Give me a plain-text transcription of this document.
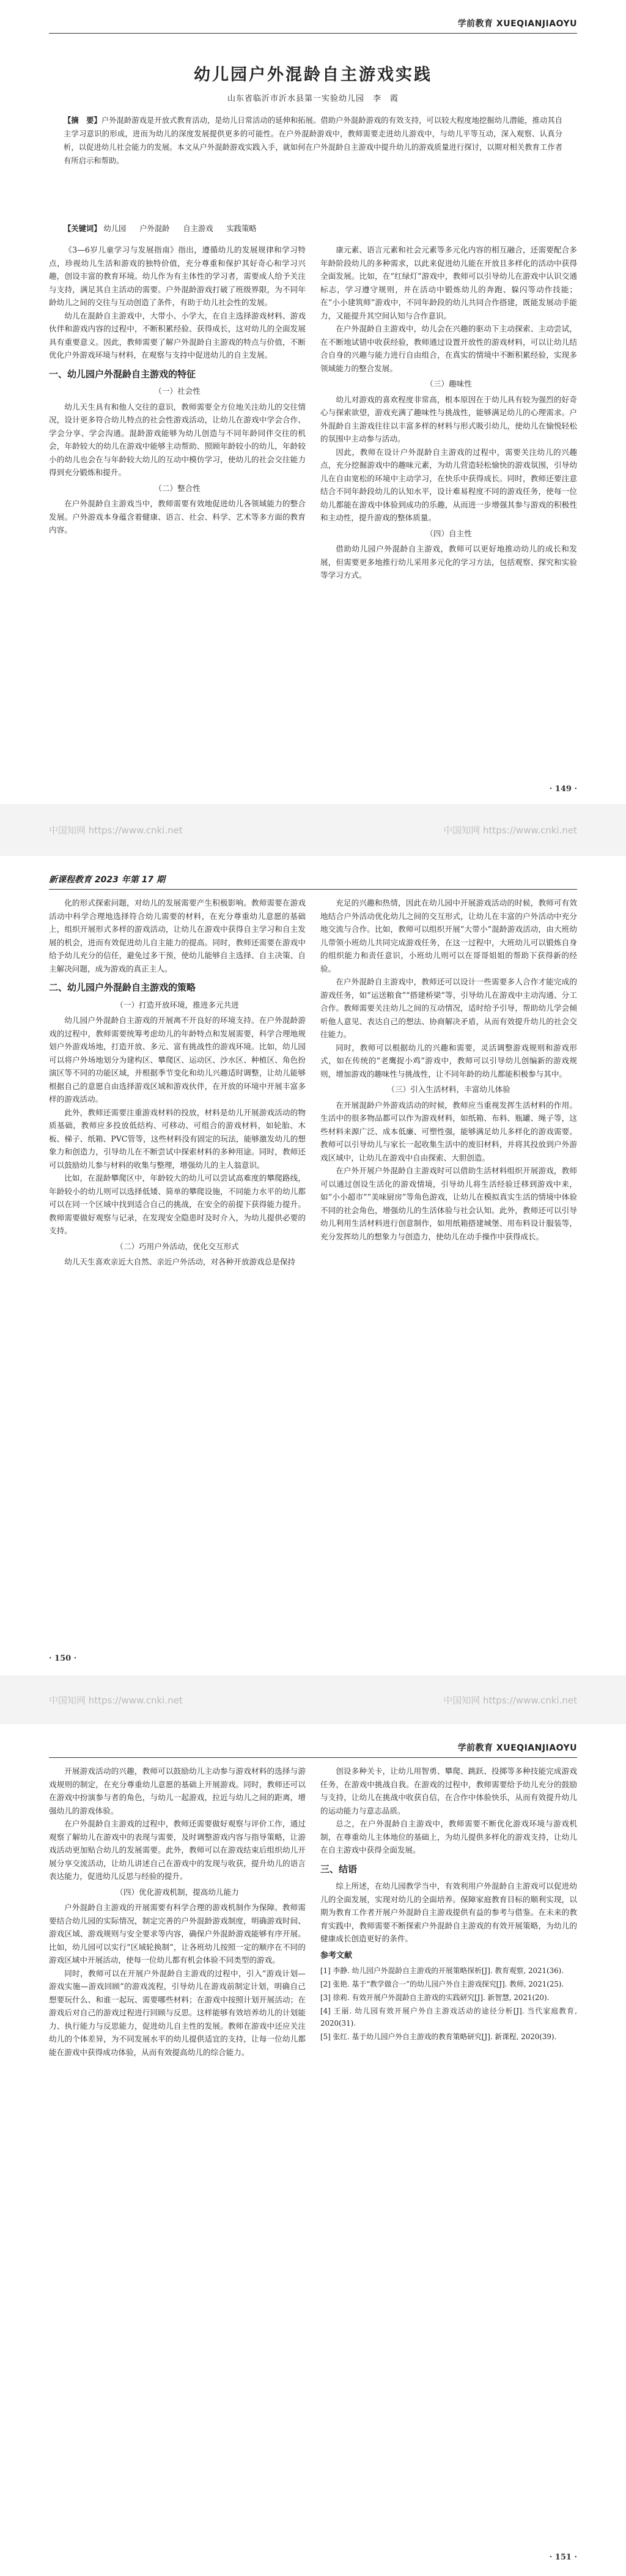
学前教育 XUEQIANJIAOYU
幼儿园户外混龄自主游戏实践
山东省临沂市沂水县第一实验幼儿园　李　霞
【摘　要】户外混龄游戏是开放式教育活动，是幼儿日常活动的延伸和拓展。借助户外混龄游戏的有效支持，可以较大程度地挖掘幼儿潜能，推动其自主学习意识的形成，进而为幼儿的深度发展提供更多的可能性。在户外混龄游戏中，教师需要走进幼儿游戏中，与幼儿平等互动，深入观察、认真分析，以促进幼儿社会能力的发展。本文从户外混龄游戏实践入手，就如何在户外混龄自主游戏中提升幼儿的游戏质量进行探讨，以期对相关教育工作者有所启示和帮助。
【关键词】 幼儿园 户外混龄 自主游戏 实践策略

《3—6岁儿童学习与发展指南》指出，遵循幼儿的发展规律和学习特点，珍视幼儿生活和游戏的独特价值，充分尊重和保护其好奇心和学习兴趣，创设丰富的教育环境。幼儿作为有主体性的学习者，需要成人给予关注与支持，满足其自主活动的需要。户外混龄游戏打破了班级界限，为不同年龄幼儿之间的交往与互动创造了条件，有助于幼儿社会性的发展。

幼儿在混龄自主游戏中，大带小、小学大，在自主选择游戏材料、游戏伙伴和游戏内容的过程中，不断积累经验、获得成长，这对幼儿的全面发展具有重要意义。因此，教师需要了解户外混龄自主游戏的特点与价值，不断优化户外游戏环境与材料，在观察与支持中促进幼儿的自主发展。

一、幼儿园户外混龄自主游戏的特征
（一）社会性

幼儿天生具有和他人交往的意识，教师需要全方位地关注幼儿的交往情况，设计更多符合幼儿特点的社会性游戏活动，让幼儿在游戏中学会合作、学会分享、学会沟通。混龄游戏能够为幼儿创造与不同年龄同伴交往的机会，年龄较大的幼儿在游戏中能够主动帮助、照顾年龄较小的幼儿，年龄较小的幼儿也会在与年龄较大幼儿的互动中模仿学习，使幼儿的社会交往能力得到充分锻炼和提升。

（二）整合性

在户外混龄自主游戏当中，教师需要有效地促进幼儿各领域能力的整合发展。户外游戏本身蕴含着健康、语言、社会、科学、艺术等多方面的教育内容。

康元素、语言元素和社会元素等多元化内容的相互融合，还需要配合多年龄阶段幼儿的多种需求，以此来促进幼儿能在开放且多样化的活动中获得全面发展。比如，在“红绿灯”游戏中，教师可以引导幼儿在游戏中认识交通标志，学习遵守规则，并在活动中锻炼幼儿的奔跑、躲闪等动作技能；在“小小建筑师”游戏中，不同年龄段的幼儿共同合作搭建，既能发展动手能力，又能提升其空间认知与合作意识。

在户外混龄自主游戏中，幼儿会在兴趣的驱动下主动探索、主动尝试，在不断地试错中收获经验，教师通过设置开放性的游戏材料，可以让幼儿结合自身的兴趣与能力进行自由组合，在真实的情境中不断积累经验，实现多领域能力的整合发展。

（三）趣味性

幼儿对游戏的喜欢程度非常高，根本原因在于幼儿具有较为强烈的好奇心与探索欲望，游戏充满了趣味性与挑战性，能够满足幼儿的心理需求。户外混龄自主游戏往往以丰富多样的材料与形式吸引幼儿，使幼儿在愉悦轻松的氛围中主动参与活动。

因此，教师在设计户外混龄自主游戏的过程中，需要关注幼儿的兴趣点，充分挖掘游戏中的趣味元素，为幼儿营造轻松愉快的游戏氛围，引导幼儿在自由宽松的环境中主动学习，在快乐中获得成长。同时，教师还要注意结合不同年龄段幼儿的认知水平，设计难易程度不同的游戏任务，使每一位幼儿都能在游戏中体验到成功的乐趣，从而进一步增强其参与游戏的积极性和主动性，提升游戏的整体质量。

（四）自主性

借助幼儿园户外混龄自主游戏，教师可以更好地推动幼儿的成长和发展，但需要更多地推行幼儿采用多元化的学习方法，包括观察、探究和实验等学习方式。

· 149 ·
中国知网 https://www.cnki.net	中国知网 https://www.cnki.net
新课程教育 2023 年第 17 期

化的形式探索问题，对幼儿的发展需要产生积极影响。教师需要在游戏活动中科学合理地选择符合幼儿需要的材料，在充分尊重幼儿意愿的基础上，组织开展形式多样的游戏活动，让幼儿在游戏中获得自主学习和自主发展的机会，进而有效促进幼儿自主能力的提高。同时，教师还需要在游戏中给予幼儿充分的信任，避免过多干预，使幼儿能够自主选择、自主决策、自主解决问题，成为游戏的真正主人。

二、幼儿园户外混龄自主游戏的策略
（一）打造开放环境，推进多元共进

幼儿园户外混龄自主游戏的开展离不开良好的环境支持。在户外混龄游戏的过程中，教师需要统筹考虑幼儿的年龄特点和发展需要，科学合理地规划户外游戏场地，打造开放、多元、富有挑战性的游戏环境。比如，幼儿园可以将户外场地划分为建构区、攀爬区、运动区、沙水区、种植区、角色扮演区等不同的功能区域，并根据季节变化和幼儿兴趣适时调整，让幼儿能够根据自己的意愿自由选择游戏区域和游戏伙伴，在开放的环境中开展丰富多样的游戏活动。

此外，教师还需要注重游戏材料的投放，材料是幼儿开展游戏活动的物质基础，教师应多投放低结构、可移动、可组合的游戏材料，如轮胎、木板、梯子、纸箱、PVC管等，这些材料没有固定的玩法，能够激发幼儿的想象力和创造力，引导幼儿在不断尝试中探索材料的多种用途。同时，教师还可以鼓励幼儿参与材料的收集与整理，增强幼儿的主人翁意识。

比如，在混龄攀爬区中，年龄较大的幼儿可以尝试高难度的攀爬路线，年龄较小的幼儿则可以选择低矮、简单的攀爬设施，不同能力水平的幼儿都可以在同一个区域中找到适合自己的挑战，在安全的前提下获得能力提升。教师需要做好观察与记录，在发现安全隐患时及时介入，为幼儿提供必要的支持。

（二）巧用户外活动，优化交互形式

幼儿天生喜欢亲近大自然、亲近户外活动，对各种开放游戏总是保持

充足的兴趣和热情，因此在幼儿园中开展游戏活动的时候，教师可有效地结合户外活动优化幼儿之间的交互形式，让幼儿在丰富的户外活动中充分地交流与合作。比如，教师可以组织开展“大带小”混龄游戏活动，由大班幼儿带领小班幼儿共同完成游戏任务，在这一过程中，大班幼儿可以锻炼自身的组织能力和责任意识，小班幼儿则可以在哥哥姐姐的帮助下获得新的经验。

在户外混龄自主游戏中，教师还可以设计一些需要多人合作才能完成的游戏任务，如“运送粮食”“搭建桥梁”等，引导幼儿在游戏中主动沟通、分工合作。教师需要关注幼儿之间的互动情况，适时给予引导，帮助幼儿学会倾听他人意见、表达自己的想法、协商解决矛盾，从而有效提升幼儿的社会交往能力。

同时，教师可以根据幼儿的兴趣和需要，灵活调整游戏规则和游戏形式，如在传统的“老鹰捉小鸡”游戏中，教师可以引导幼儿创编新的游戏规则，增加游戏的趣味性与挑战性，让不同年龄的幼儿都能积极参与其中。

（三）引入生活材料，丰富幼儿体验

在开展混龄户外游戏活动的时候，教师应当重视发挥生活材料的作用。生活中的很多物品都可以作为游戏材料，如纸箱、布料、瓶罐、绳子等，这些材料来源广泛、成本低廉、可塑性强，能够满足幼儿多样化的游戏需要。教师可以引导幼儿与家长一起收集生活中的废旧材料，并将其投放到户外游戏区域中，让幼儿在游戏中自由探索、大胆创造。

在户外开展户外混龄自主游戏时可以借助生活材料组织开展游戏，教师可以通过创设生活化的游戏情境，引导幼儿将生活经验迁移到游戏中来，如“小小超市”“美味厨房”等角色游戏，让幼儿在模拟真实生活的情境中体验不同的社会角色，增强幼儿的生活体验与社会认知。此外，教师还可以引导幼儿利用生活材料进行创意制作，如用纸箱搭建城堡、用布料设计服装等，充分发挥幼儿的想象力与创造力，使幼儿在动手操作中获得成长。

· 150 ·
中国知网 https://www.cnki.net	中国知网 https://www.cnki.net
学前教育 XUEQIANJIAOYU

开展游戏活动的兴趣，教师可以鼓励幼儿主动参与游戏材料的选择与游戏规则的制定，在充分尊重幼儿意愿的基础上开展游戏。同时，教师还可以在游戏中扮演参与者的角色，与幼儿一起游戏，拉近与幼儿之间的距离，增强幼儿的游戏体验。

在户外混龄自主游戏的过程中，教师还需要做好观察与评价工作，通过观察了解幼儿在游戏中的表现与需要，及时调整游戏内容与指导策略，让游戏活动更加贴合幼儿的发展需要。此外，教师可以在游戏结束后组织幼儿开展分享交流活动，让幼儿讲述自己在游戏中的发现与收获，提升幼儿的语言表达能力，促进幼儿反思与经验的提升。

（四）优化游戏机制，提高幼儿能力

户外混龄自主游戏的开展需要有科学合理的游戏机制作为保障。教师需要结合幼儿园的实际情况，制定完善的户外混龄游戏制度，明确游戏时间、游戏区域、游戏规则与安全要求等内容，确保户外混龄游戏能够有序开展。比如，幼儿园可以实行“区域轮换制”，让各班幼儿按照一定的顺序在不同的游戏区域中开展活动，使每一位幼儿都有机会体验不同类型的游戏。

同时，教师可以在开展户外混龄自主游戏的过程中，引入“游戏计划—游戏实施—游戏回顾”的游戏流程，引导幼儿在游戏前制定计划，明确自己想要玩什么、和谁一起玩、需要哪些材料；在游戏中按照计划开展活动；在游戏后对自己的游戏过程进行回顾与反思。这样能够有效培养幼儿的计划能力、执行能力与反思能力，促进幼儿自主性的发展。教师在游戏中还应关注幼儿的个体差异，为不同发展水平的幼儿提供适宜的支持，让每一位幼儿都能在游戏中获得成功体验，从而有效提高幼儿的综合能力。

创设多种关卡，让幼儿用智勇、攀爬、跳跃、投掷等多种技能完成游戏任务，在游戏中挑战自我。在游戏的过程中，教师需要给予幼儿充分的鼓励与支持，让幼儿在挑战中收获自信，在合作中体验快乐，从而有效提升幼儿的运动能力与意志品质。

总之，在户外混龄自主游戏中，教师需要不断优化游戏环境与游戏机制，在尊重幼儿主体地位的基础上，为幼儿提供多样化的游戏支持，让幼儿在自主游戏中获得全面发展。

三、结语

综上所述，在幼儿园教学当中，有效利用户外混龄自主游戏可以促进幼儿的全面发展，实现对幼儿的全面培养。保障家庭教育目标的顺利实现，以期为教育工作者开展户外混龄自主游戏提供有益的参考与借鉴。在未来的教育实践中，教师需要不断探索户外混龄自主游戏的有效开展策略，为幼儿的健康成长创造更好的条件。

参考文献

[1] 李静. 幼儿园户外混龄自主游戏的开展策略探析[J]. 教育观察, 2021(36).

[2] 张艳. 基于“教学做合一”的幼儿园户外自主游戏探究[J]. 教师, 2021(25).

[3] 徐莉. 有效开展户外混龄自主游戏的实践研究[J]. 新智慧, 2021(20).

[4] 王丽. 幼儿园有效开展户外自主游戏活动的途径分析[J]. 当代家庭教育, 2020(31).

[5] 张红. 基于幼儿园户外自主游戏的教育策略研究[J]. 新课程, 2020(39).

· 151 ·
